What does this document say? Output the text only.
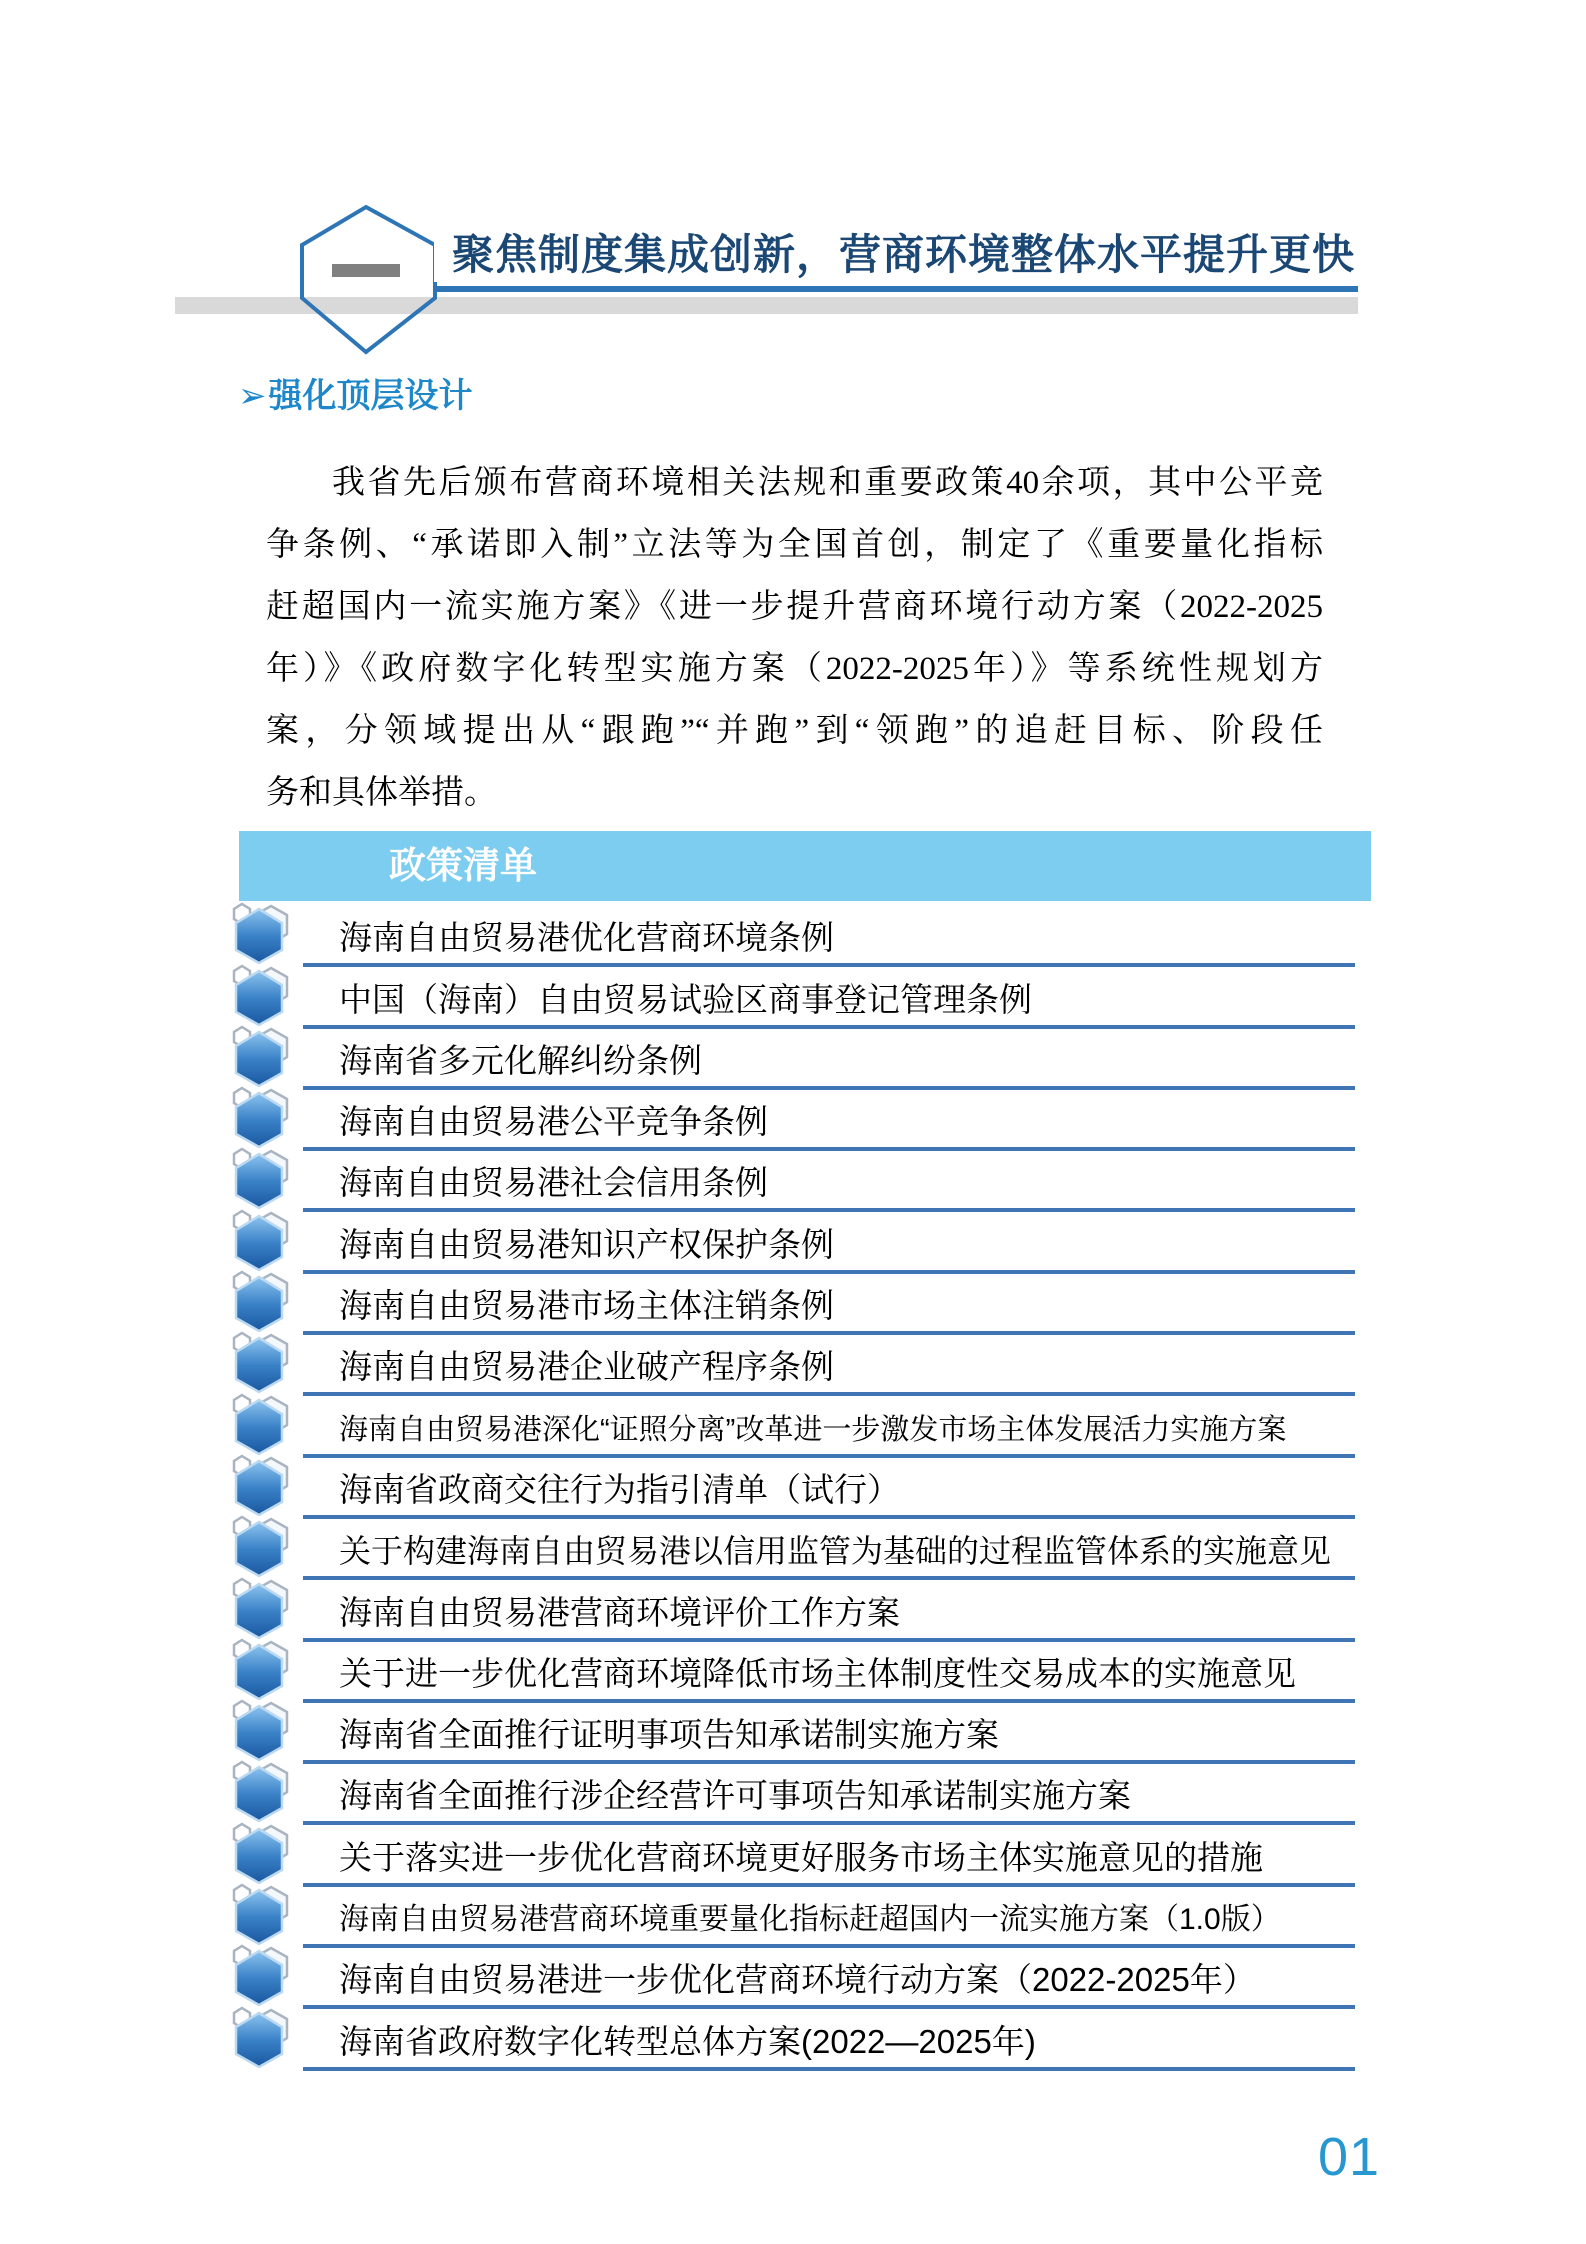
聚焦制度集成创新，营商环境整体水平提升更快
➢强化顶层设计
我省先后颁布营商环境相关法规和重要政策40余项，其中公平竞
争条例、“承诺即入制”立法等为全国首创，制定了《重要量化指标
赶超国内一流实施方案》《进一步提升营商环境行动方案（2022-2025
年）》《政府数字化转型实施方案（2022-2025年）》等系统性规划方
案，分领域提出从“跟跑”“并跑”到“领跑”的追赶目标、阶段任
务和具体举措。
政策清单
海南自由贸易港优化营商环境条例
中国（海南）自由贸易试验区商事登记管理条例
海南省多元化解纠纷条例
海南自由贸易港公平竞争条例
海南自由贸易港社会信用条例
海南自由贸易港知识产权保护条例
海南自由贸易港市场主体注销条例
海南自由贸易港企业破产程序条例
海南自由贸易港深化“证照分离”改革进一步激发市场主体发展活力实施方案
海南省政商交往行为指引清单（试行）
关于构建海南自由贸易港以信用监管为基础的过程监管体系的实施意见
海南自由贸易港营商环境评价工作方案
关于进一步优化营商环境降低市场主体制度性交易成本的实施意见
海南省全面推行证明事项告知承诺制实施方案
海南省全面推行涉企经营许可事项告知承诺制实施方案
关于落实进一步优化营商环境更好服务市场主体实施意见的措施
海南自由贸易港营商环境重要量化指标赶超国内一流实施方案（1.0版）
海南自由贸易港进一步优化营商环境行动方案（2022-2025年）
海南省政府数字化转型总体方案(2022—2025年)
01
